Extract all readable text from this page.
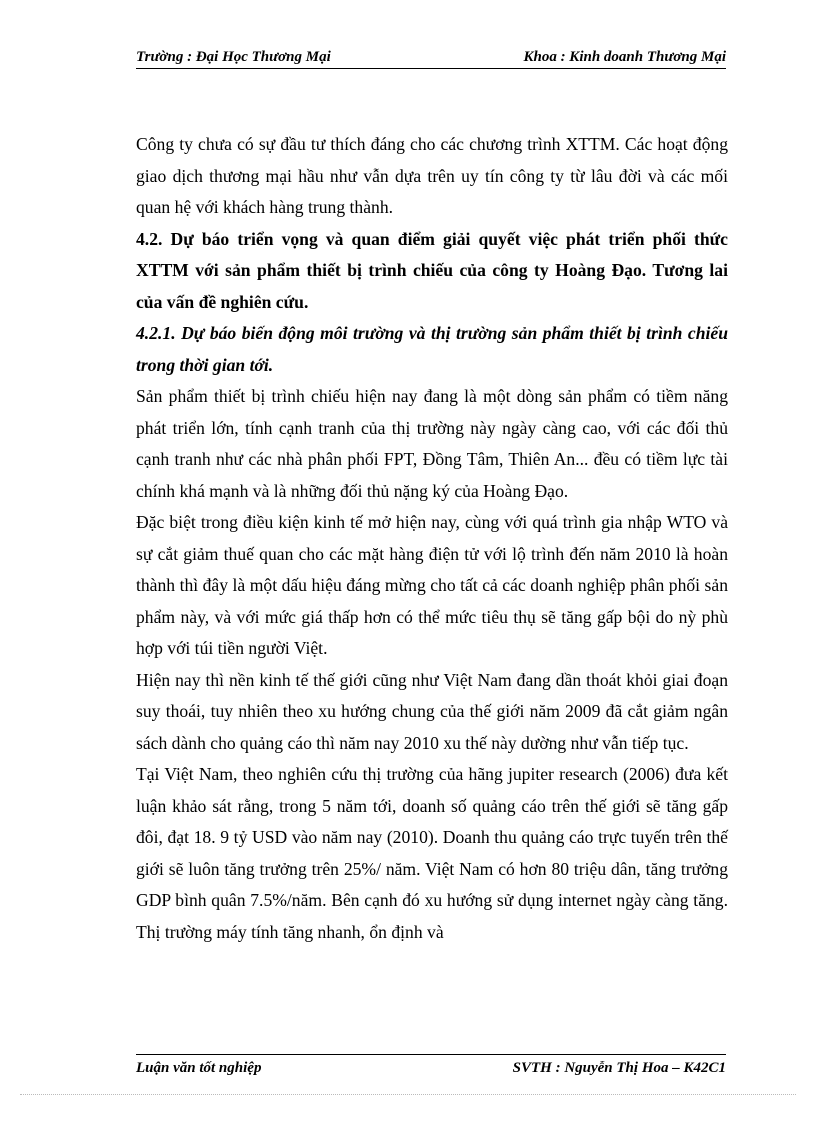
Trường : Đại Học Thương Mại	Khoa : Kinh doanh Thương Mại

Công ty chưa có sự đầu tư thích đáng cho các chương trình XTTM. Các hoạt động giao dịch thương mại hầu như vẫn dựa trên uy tín công ty từ lâu đời và các mối quan hệ với khách hàng trung thành.

4.2. Dự báo triển vọng và quan điểm giải quyết việc phát triển phối thức XTTM với sản phẩm thiết bị trình chiếu của công ty Hoàng Đạo. Tương lai của vấn đề nghiên cứu.
4.2.1. Dự báo biến động môi trường và thị trường sản phẩm thiết bị trình chiếu trong thời gian tới.

Sản phẩm thiết bị trình chiếu hiện nay đang là một dòng sản phẩm có tiềm năng phát triển lớn, tính cạnh tranh của thị trường này ngày càng cao, với các đối thủ cạnh tranh như các nhà phân phối FPT, Đồng Tâm, Thiên An... đều có tiềm lực tài chính khá mạnh và là những đối thủ nặng ký của Hoàng Đạo.

Đặc biệt trong điều kiện kinh tế mở hiện nay, cùng với quá trình gia nhập WTO và sự cắt giảm thuế quan cho các mặt hàng điện tử với lộ trình đến năm 2010 là hoàn thành thì đây là một dấu hiệu đáng mừng cho tất cả các doanh nghiệp phân phối sản phẩm này, và với mức giá thấp hơn có thể mức tiêu thụ sẽ tăng gấp bội do nỳ phù hợp với túi tiền người Việt.

Hiện nay thì nền kinh tế thế giới cũng như Việt Nam đang dần thoát khỏi giai đoạn suy thoái, tuy nhiên theo xu hướng chung của thế giới năm 2009 đã cắt giảm ngân sách dành cho quảng cáo thì năm nay 2010 xu thế này dường như vẫn tiếp tục.

Tại Việt Nam, theo nghiên cứu thị trường của hãng jupiter research (2006) đưa kết luận khảo sát rằng, trong 5 năm tới, doanh số quảng cáo trên thế giới sẽ tăng gấp đôi, đạt 18. 9 tỷ USD vào năm nay (2010). Doanh thu quảng cáo trực tuyến trên thế giới sẽ luôn tăng trưởng trên 25%/ năm. Việt Nam có hơn 80 triệu dân, tăng trưởng GDP bình quân 7.5%/năm. Bên cạnh đó xu hướng sử dụng internet ngày càng tăng. Thị trường máy tính tăng nhanh, ổn định và

Luận văn tốt nghiệp	SVTH : Nguyễn Thị Hoa – K42C1
